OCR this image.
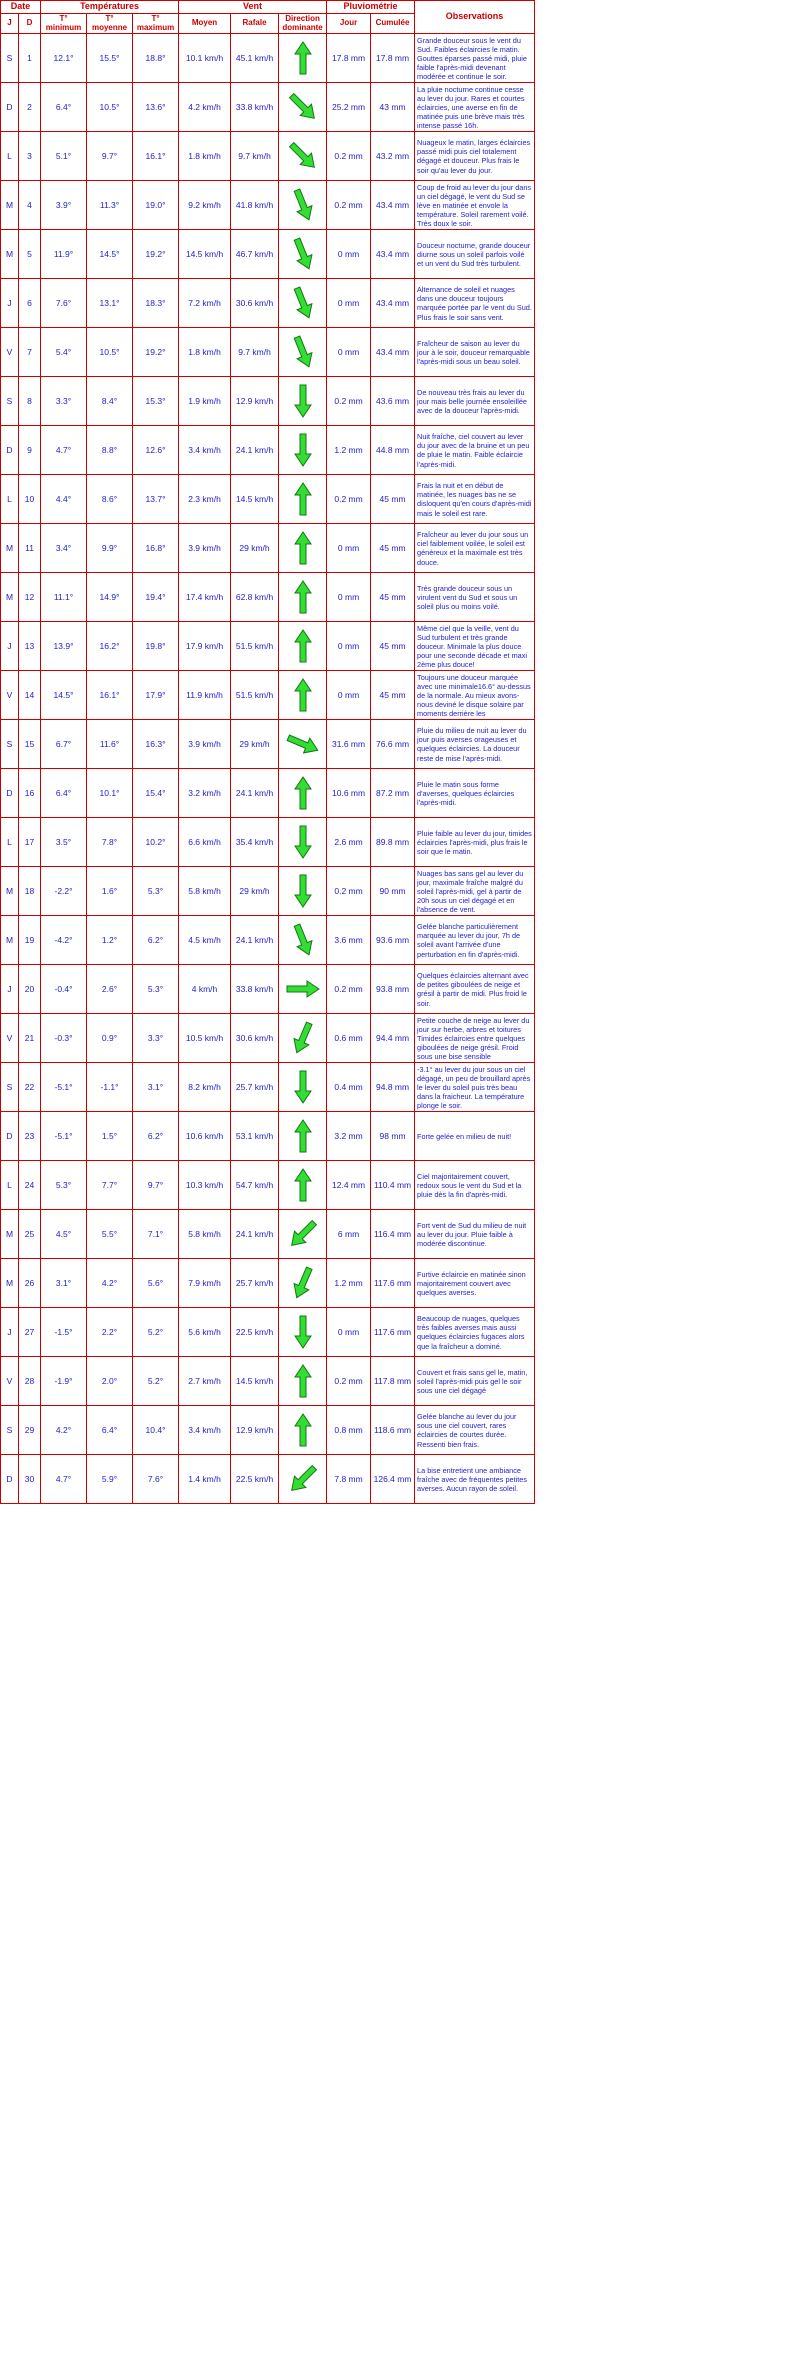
Date		Températures			Vent			Pluviométrie		Observations
J	D	T° minimum	T° moyenne	T° maximum	Moyen	Rafale	Direction dominante	Jour	Cumulée	
S	1	12.1°	15.5°	18.8°	10.1 km/h	45.1 km/h		17.8 mm	17.8 mm	Grande douceur sous le vent du Sud. Faibles éclaircies le matin. Gouttes éparses passé midi, pluie faible l'après-midi devenant modérée et continue le soir.
D	2	6.4°	10.5°	13.6°	4.2 km/h	33.8 km/h		25.2 mm	43 mm	La pluie nocturne continue cesse au lever du jour. Rares et courtes éclaircies, une averse en fin de matinée puis une brève mais très intense passé 16h.
L	3	5.1°	9.7°	16.1°	1.8 km/h	9.7 km/h		0.2 mm	43.2 mm	Nuageux le matin, larges éclaircies passé midi puis ciel totalement dégagé et douceur. Plus frais le soir qu'au lever du jour.
M	4	3.9°	11.3°	19.0°	9.2 km/h	41.8 km/h		0.2 mm	43.4 mm	Coup de froid au lever du jour dans un ciel dégagé, le vent du Sud se lève en matinée et envole la température. Soleil rarement voilé. Très doux le soir.
M	5	11.9°	14.5°	19.2°	14.5 km/h	46.7 km/h		0 mm	43.4 mm	Douceur nocturne, grande douceur diurne sous un soleil parfois voilé et un vent du Sud très turbulent.
J	6	7.6°	13.1°	18.3°	7.2 km/h	30.6 km/h		0 mm	43.4 mm	Alternance de soleil et nuages dans une douceur toujours marquée portée par le vent du Sud. Plus frais le soir sans vent.
V	7	5.4°	10.5°	19.2°	1.8 km/h	9.7 km/h		0 mm	43.4 mm	Fraîcheur de saison au lever du jour à le soir, douceur remarquable l'après-midi sous un beau soleil.
S	8	3.3°	8.4°	15.3°	1.9 km/h	12.9 km/h		0.2 mm	43.6 mm	De nouveau très frais au lever du jour mais belle journée ensoleillée avec de la douceur l'après-midi.
D	9	4.7°	8.8°	12.6°	3.4 km/h	24.1 km/h		1.2 mm	44.8 mm	Nuit fraîche, ciel couvert au lever du jour avec de la bruine et un peu de pluie le matin. Faible éclaircie l'après-midi.
L	10	4.4°	8.6°	13.7°	2.3 km/h	14.5 km/h		0.2 mm	45 mm	Frais la nuit et en début de matinée, les nuages bas ne se disloquent qu'en cours d'après-midi mais le soleil est rare.
M	11	3.4°	9.9°	16.8°	3.9 km/h	29 km/h		0 mm	45 mm	Fraîcheur au lever du jour sous un ciel faiblement voilée, le soleil est généreux et la maximale est très douce.
M	12	11.1°	14.9°	19.4°	17.4 km/h	62.8 km/h		0 mm	45 mm	Très grande douceur sous un virulent vent du Sud et sous un soleil plus ou moins voilé.
J	13	13.9°	16.2°	19.8°	17.9 km/h	51.5 km/h		0 mm	45 mm	Même ciel que la veille, vent du Sud turbulent et très grande douceur. Minimale la plus douce pour une seconde décade et maxi 2ème plus douce!
V	14	14.5°	16.1°	17.9°	11.9 km/h	51.5 km/h		0 mm	45 mm	Toujours une douceur marquée avec une minimale16.6° au-dessus de la normale. Au mieux avons-nous deviné le disque solaire par moments derrière les
S	15	6.7°	11.6°	16.3°	3.9 km/h	29 km/h		31.6 mm	76.6 mm	Pluie du milieu de nuit au lever du jour puis averses orageuses et quelques éclaircies. La douceur reste de mise l'après-midi.
D	16	6.4°	10.1°	15.4°	3.2 km/h	24.1 km/h		10.6 mm	87.2 mm	Pluie le matin sous forme d'averses, quelques éclaircies l'après-midi.
L	17	3.5°	7.8°	10.2°	6.6 km/h	35.4 km/h		2.6 mm	89.8 mm	Pluie faible au lever du jour, timides éclaircies l'après-midi, plus frais le soir que le matin.
M	18	-2.2°	1.6°	5.3°	5.8 km/h	29 km/h		0.2 mm	90 mm	Nuages bas sans gel au lever du jour, maximale fraîche malgré du soleil l'après-midi, gel à partir de 20h sous un ciel dégagé et en l'absence de vent.
M	19	-4.2°	1.2°	6.2°	4.5 km/h	24.1 km/h		3.6 mm	93.6 mm	Gelée blanche particulièrement marquée au lever du jour, 7h de soleil avant l'arrivée d'une perturbation en fin d'après-midi.
J	20	-0.4°	2.6°	5.3°	4 km/h	33.8 km/h		0.2 mm	93.8 mm	Quelques éclaircies alternant avec de petites giboulées de neige et grésil à partir de midi. Plus froid le soir.
V	21	-0.3°	0.9°	3.3°	10.5 km/h	30.6 km/h		0.6 mm	94.4 mm	Petite couche de neige au lever du jour sur herbe, arbres et toitures Timides éclaircies entre quelques giboulées de neige grésil. Froid sous une bise sensible
S	22	-5.1°	-1.1°	3.1°	8.2 km/h	25.7 km/h		0.4 mm	94.8 mm	-3.1° au lever du jour sous un ciel dégagé, un peu de brouillard après le lever du soleil puis très beau dans la fraicheur. La température plonge le soir.
D	23	-5.1°	1.5°	6.2°	10.6 km/h	53.1 km/h		3.2 mm	98 mm	Forte gelée en milieu de nuit!
L	24	5.3°	7.7°	9.7°	10.3 km/h	54.7 km/h		12.4 mm	110.4 mm	Ciel majoritairement couvert, redoux sous le vent du Sud et la pluie dès la fin d'après-midi.
M	25	4.5°	5.5°	7.1°	5.8 km/h	24.1 km/h		6 mm	116.4 mm	Fort vent de Sud du milieu de nuit au lever du jour. Pluie faible à modérée discontinue.
M	26	3.1°	4.2°	5.6°	7.9 km/h	25.7 km/h		1.2 mm	117.6 mm	Furtive éclaircie en matinée sinon majoritairement couvert avec quelques averses.
J	27	-1.5°	2.2°	5.2°	5.6 km/h	22.5 km/h		0 mm	117.6 mm	Beaucoup de nuages, quelques très faibles averses mais aussi quelques éclaircies fugaces alors que la fraîcheur a dominé.
V	28	-1.9°	2.0°	5.2°	2.7 km/h	14.5 km/h		0.2 mm	117.8 mm	Couvert et frais sans gel le, matin, soleil l'après-midi puis gel le soir sous une ciel dégagé
S	29	4.2°	6.4°	10.4°	3.4 km/h	12.9 km/h		0.8 mm	118.6 mm	Gelée blanche au lever du jour sous une ciel couvert, rares éclaircies de courtes durée. Ressenti bien frais.
D	30	4.7°	5.9°	7.6°	1.4 km/h	22.5 km/h		7.8 mm	126.4 mm	La bise entretient une ambiance fraîche avec de fréquentes petites averses. Aucun rayon de soleil.
